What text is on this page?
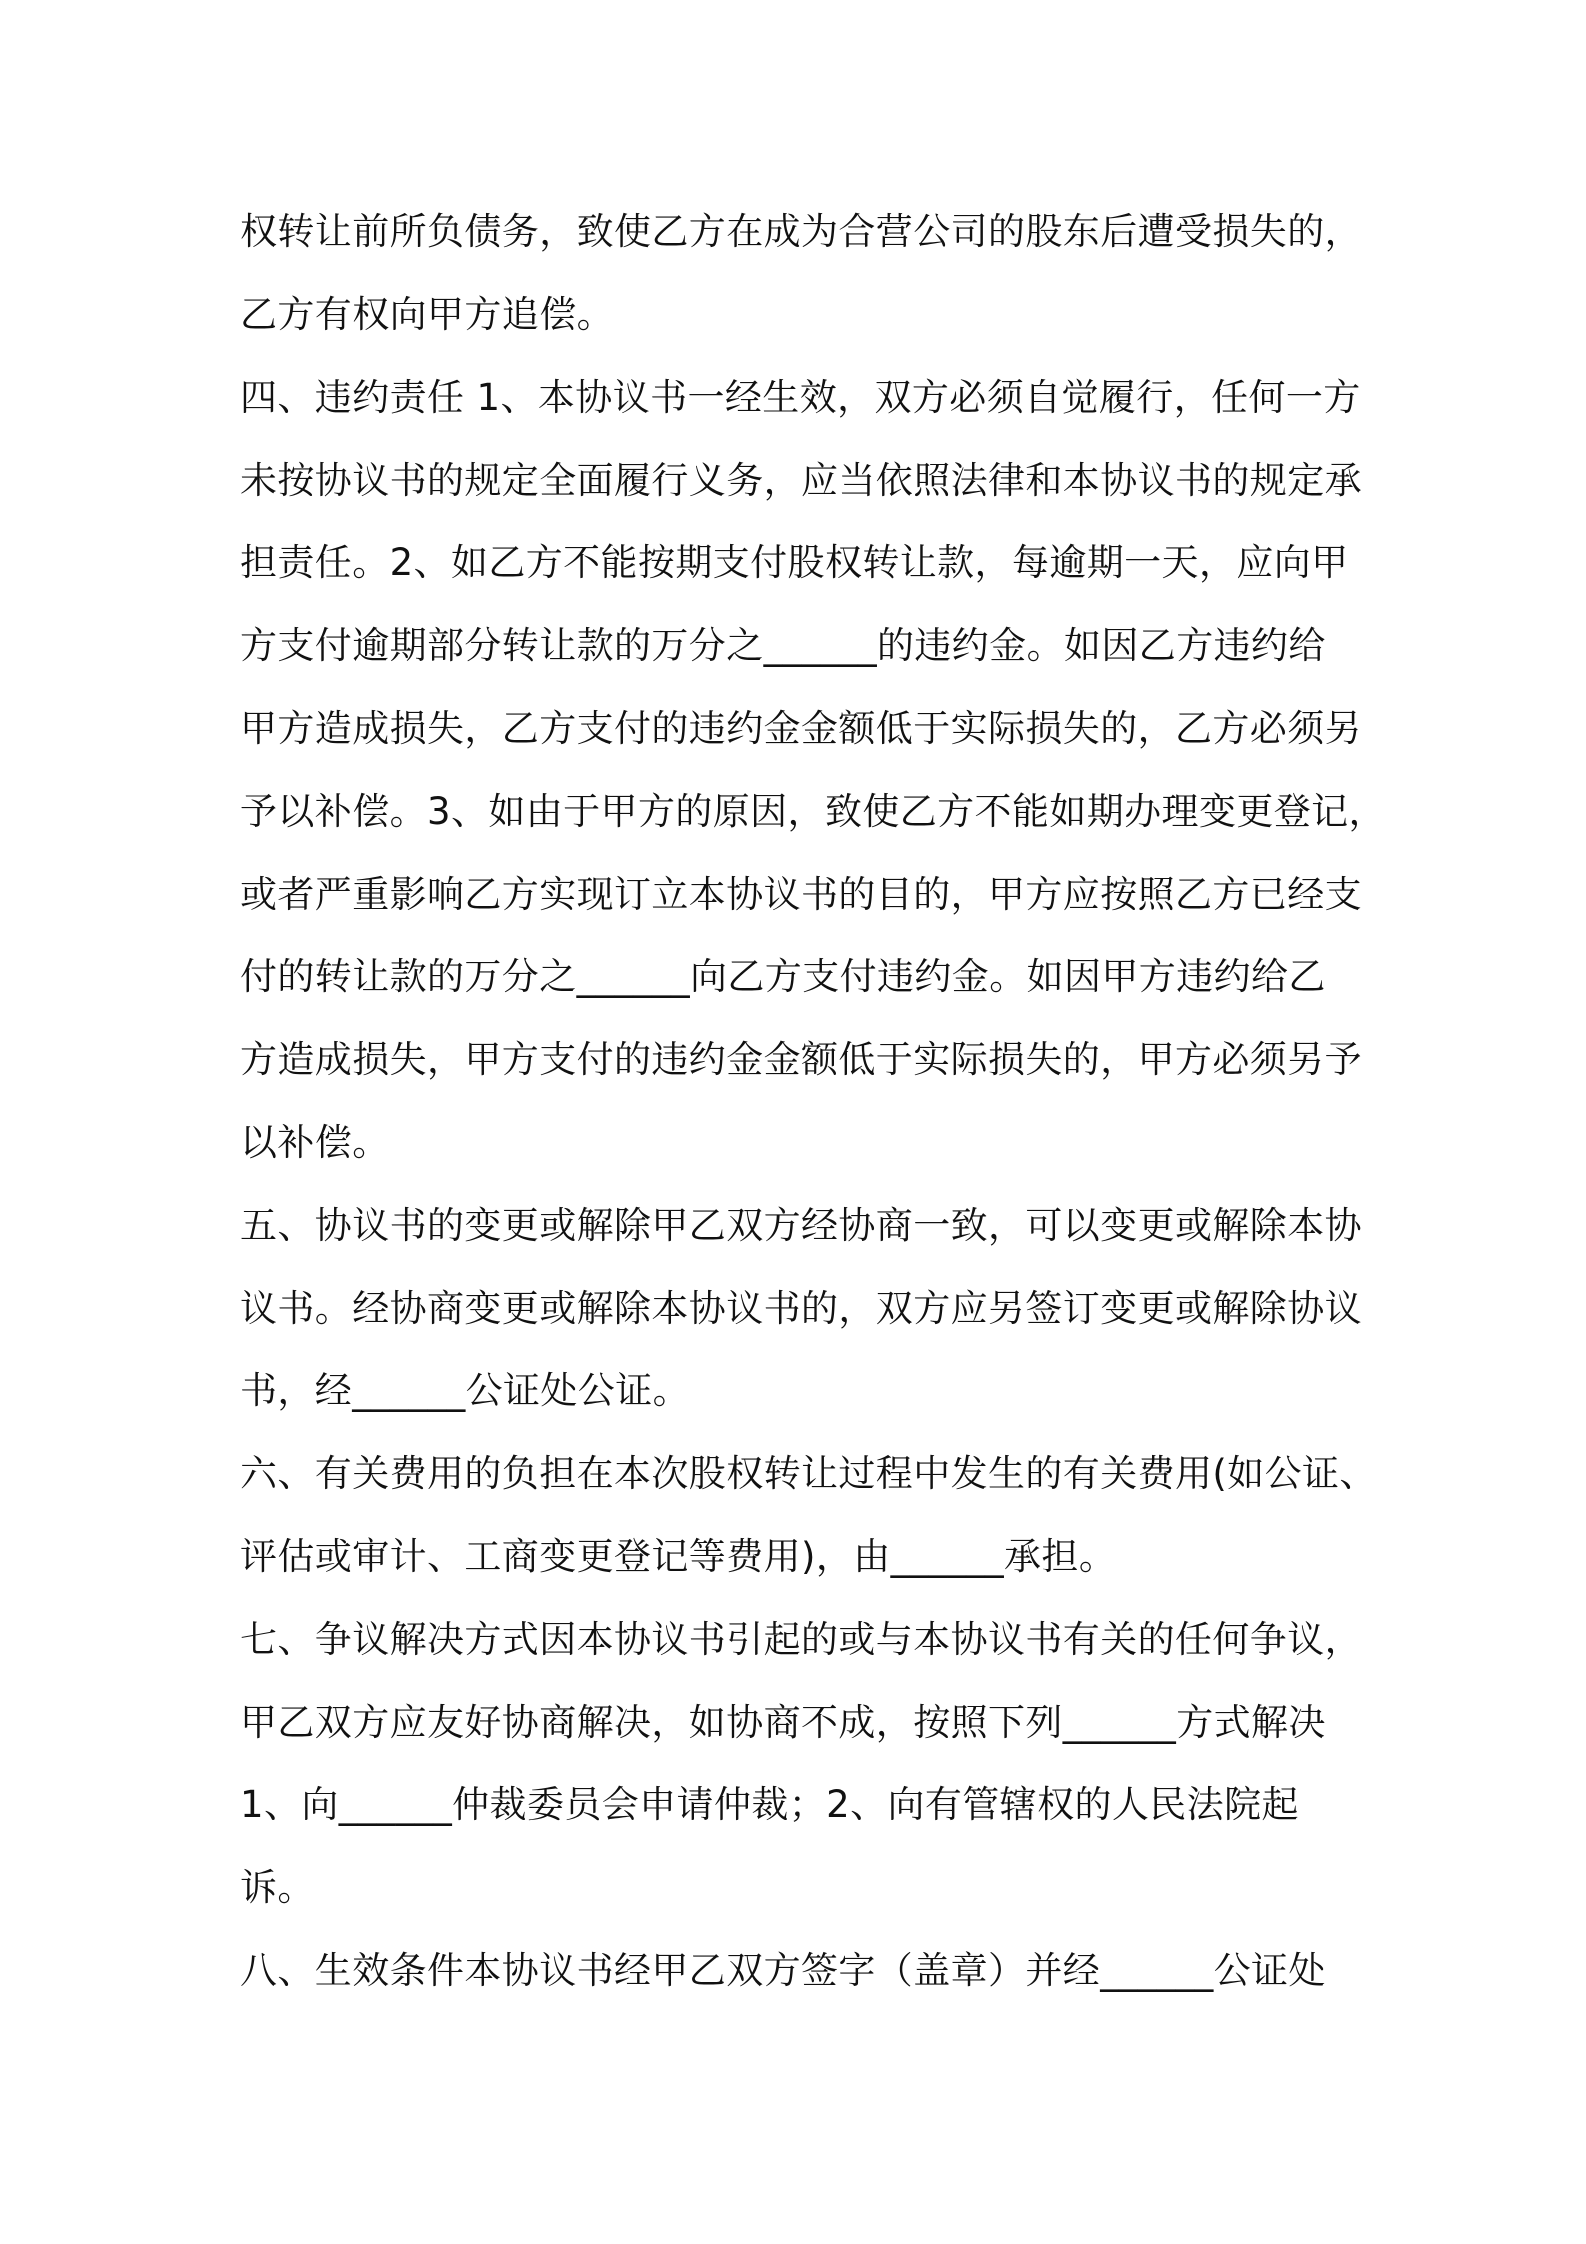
权转让前所负债务，致使乙方在成为合营公司的股东后遭受损失的，
乙方有权向甲方追偿。
四、违约责任 1、本协议书一经生效，双方必须自觉履行，任何一方
未按协议书的规定全面履行义务，应当依照法律和本协议书的规定承
担责任。2、如乙方不能按期支付股权转让款，每逾期一天，应向甲
方支付逾期部分转让款的万分之______的违约金。如因乙方违约给
甲方造成损失，乙方支付的违约金金额低于实际损失的，乙方必须另
予以补偿。3、如由于甲方的原因，致使乙方不能如期办理变更登记，
或者严重影响乙方实现订立本协议书的目的，甲方应按照乙方已经支
付的转让款的万分之______向乙方支付违约金。如因甲方违约给乙
方造成损失，甲方支付的违约金金额低于实际损失的，甲方必须另予
以补偿。
五、协议书的变更或解除甲乙双方经协商一致，可以变更或解除本协
议书。经协商变更或解除本协议书的，双方应另签订变更或解除协议
书，经______公证处公证。
六、有关费用的负担在本次股权转让过程中发生的有关费用(如公证、
评估或审计、工商变更登记等费用)，由______承担。
七、争议解决方式因本协议书引起的或与本协议书有关的任何争议，
甲乙双方应友好协商解决，如协商不成，按照下列______方式解决
1、向______仲裁委员会申请仲裁；2、向有管辖权的人民法院起
诉。
八、生效条件本协议书经甲乙双方签字（盖章）并经______公证处
